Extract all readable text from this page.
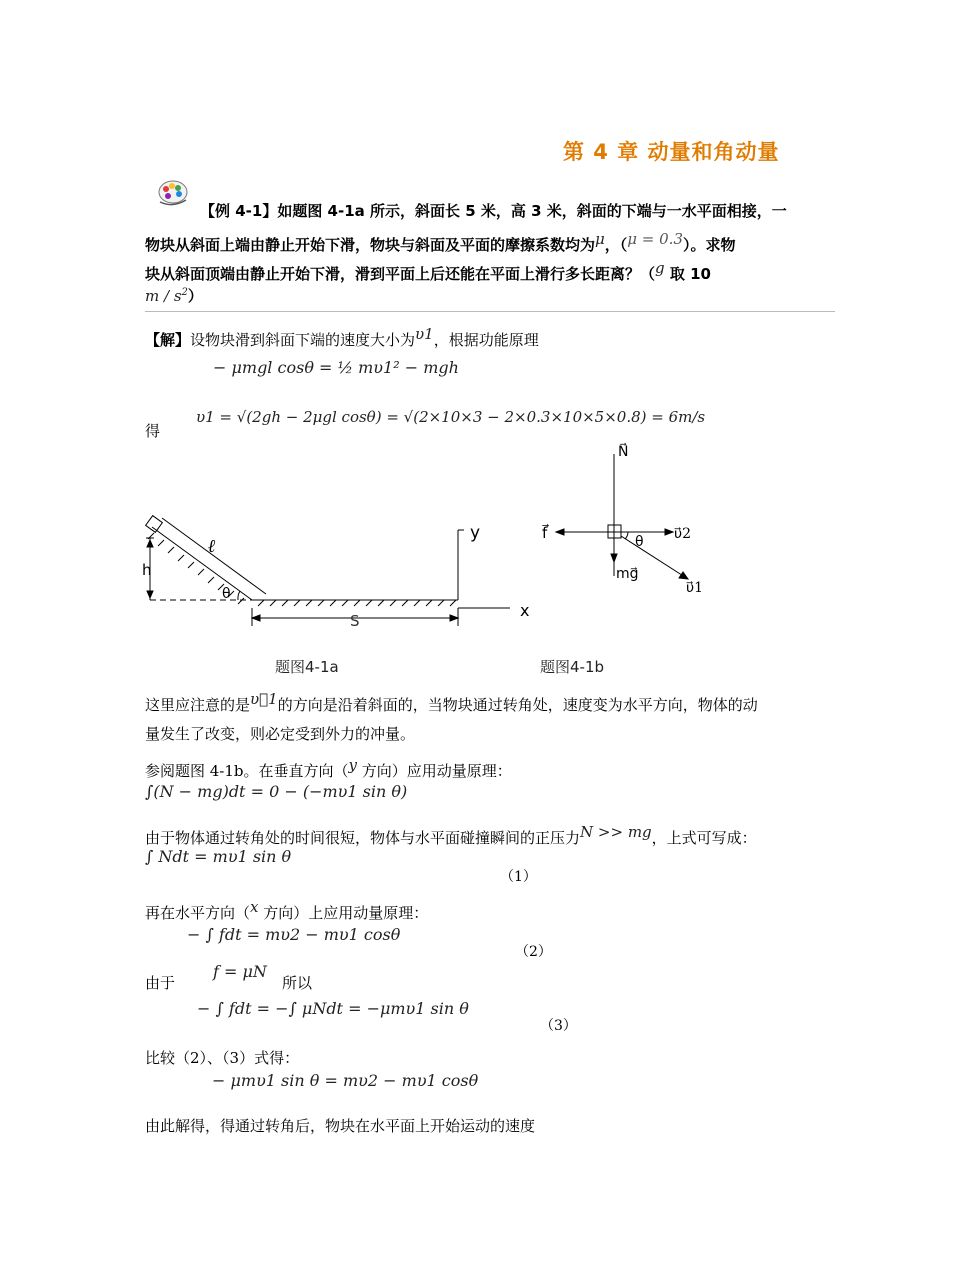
第 4 章 动量和角动量
【例 4-1】如题图 4-1a 所示，斜面长 5 米，高 3 米，斜面的下端与一水平面相接，一
物块从斜面上端由静止开始下滑，物块与斜面及平面的摩擦系数均为μ，（μ = 0.3）。求物
块从斜面顶端由静止开始下滑，滑到平面上后还能在平面上滑行多长距离？（g 取 10
m / $s^2$）
【解】设物块滑到斜面下端的速度大小为υ1，根据功能原理
− μmgl cosθ = ½ mυ1² − mgh
得
υ1 = √(2gh − 2μgl cosθ) = √(2×10×3 − 2×0.3×10×5×0.8) = 6m/s
ℓ
h
θ
S
y
x
题图4-1a
N⃗
f⃗	θ υ⃗2
mg⃗
υ⃗1
题图4-1b
这里应注意的是υ⃗1的方向是沿着斜面的，当物块通过转角处，速度变为水平方向，物体的动
量发生了改变，则必定受到外力的冲量。
参阅题图 4-1b。在垂直方向（y 方向）应用动量原理：
∫(N − mg)dt = 0 − (−mυ1 sin θ)
由于物体通过转角处的时间很短，物体与水平面碰撞瞬间的正压力N >> mg，上式可写成：
∫ Ndt = mυ1 sin θ
（1）
再在水平方向（x 方向）上应用动量原理：
− ∫ fdt = mυ2 − mυ1 cosθ
（2）
由于
f = μN
所以
− ∫ fdt = −∫ μNdt = −μmυ1 sin θ
（3）
比较（2）、（3）式得：
− μmυ1 sin θ = mυ2 − mυ1 cosθ
由此解得，得通过转角后，物块在水平面上开始运动的速度
